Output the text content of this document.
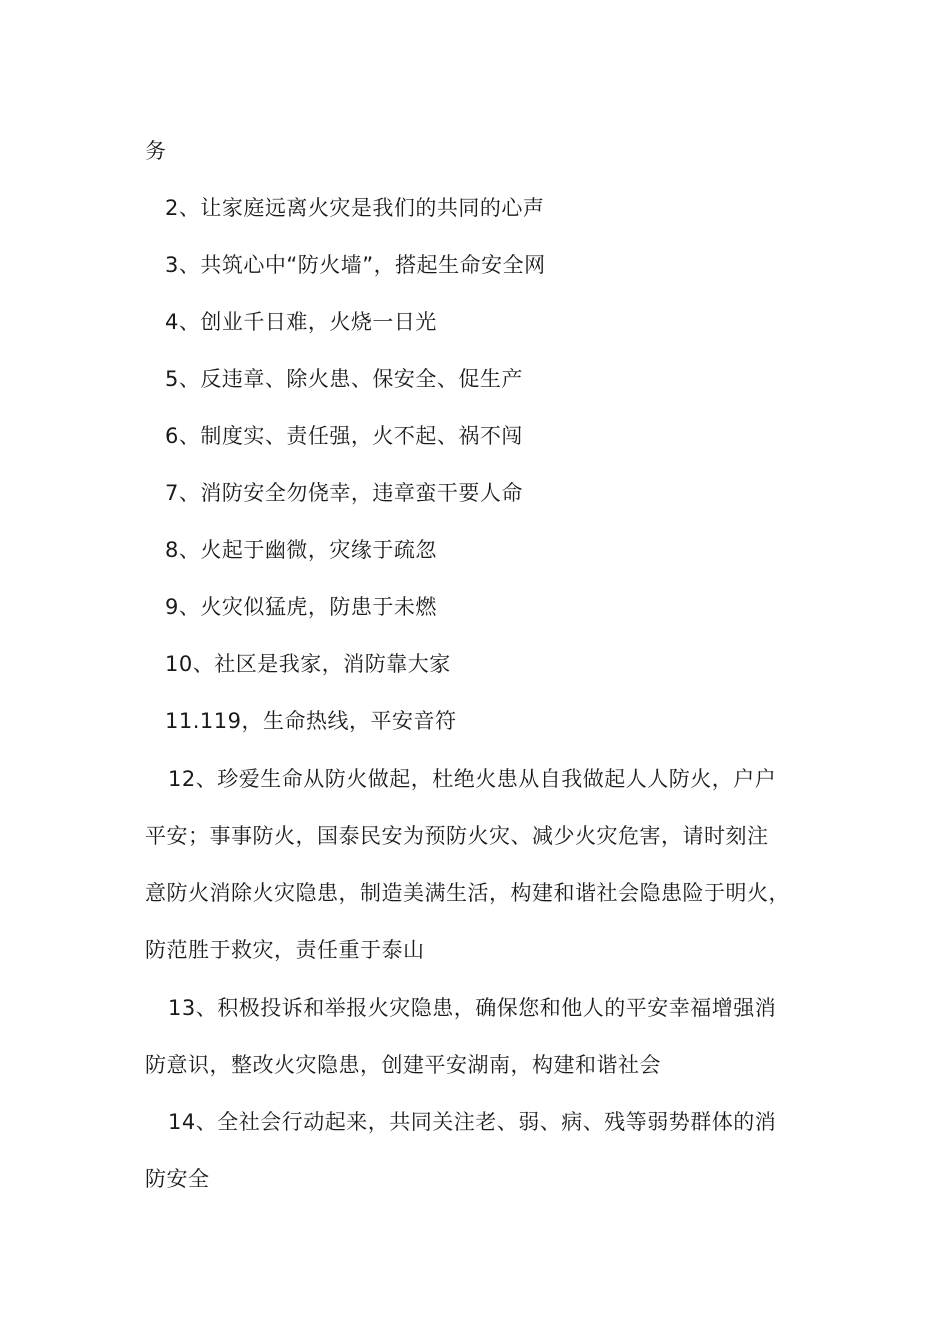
务
2、让家庭远离火灾是我们的共同的心声
3、共筑心中“防火墙”，搭起生命安全网
4、创业千日难，火烧一日光
5、反违章、除火患、保安全、促生产
6、制度实、责任强，火不起、祸不闯
7、消防安全勿侥幸，违章蛮干要人命
8、火起于幽微，灾缘于疏忽
9、火灾似猛虎，防患于未燃
10、社区是我家，消防靠大家
11.119，生命热线，平安音符
12、珍爱生命从防火做起，杜绝火患从自我做起人人防火，户户
平安；事事防火，国泰民安为预防火灾、减少火灾危害，请时刻注
意防火消除火灾隐患，制造美满生活，构建和谐社会隐患险于明火，
防范胜于救灾，责任重于泰山
13、积极投诉和举报火灾隐患，确保您和他人的平安幸福增强消
防意识，整改火灾隐患，创建平安湖南，构建和谐社会
14、全社会行动起来，共同关注老、弱、病、残等弱势群体的消
防安全
